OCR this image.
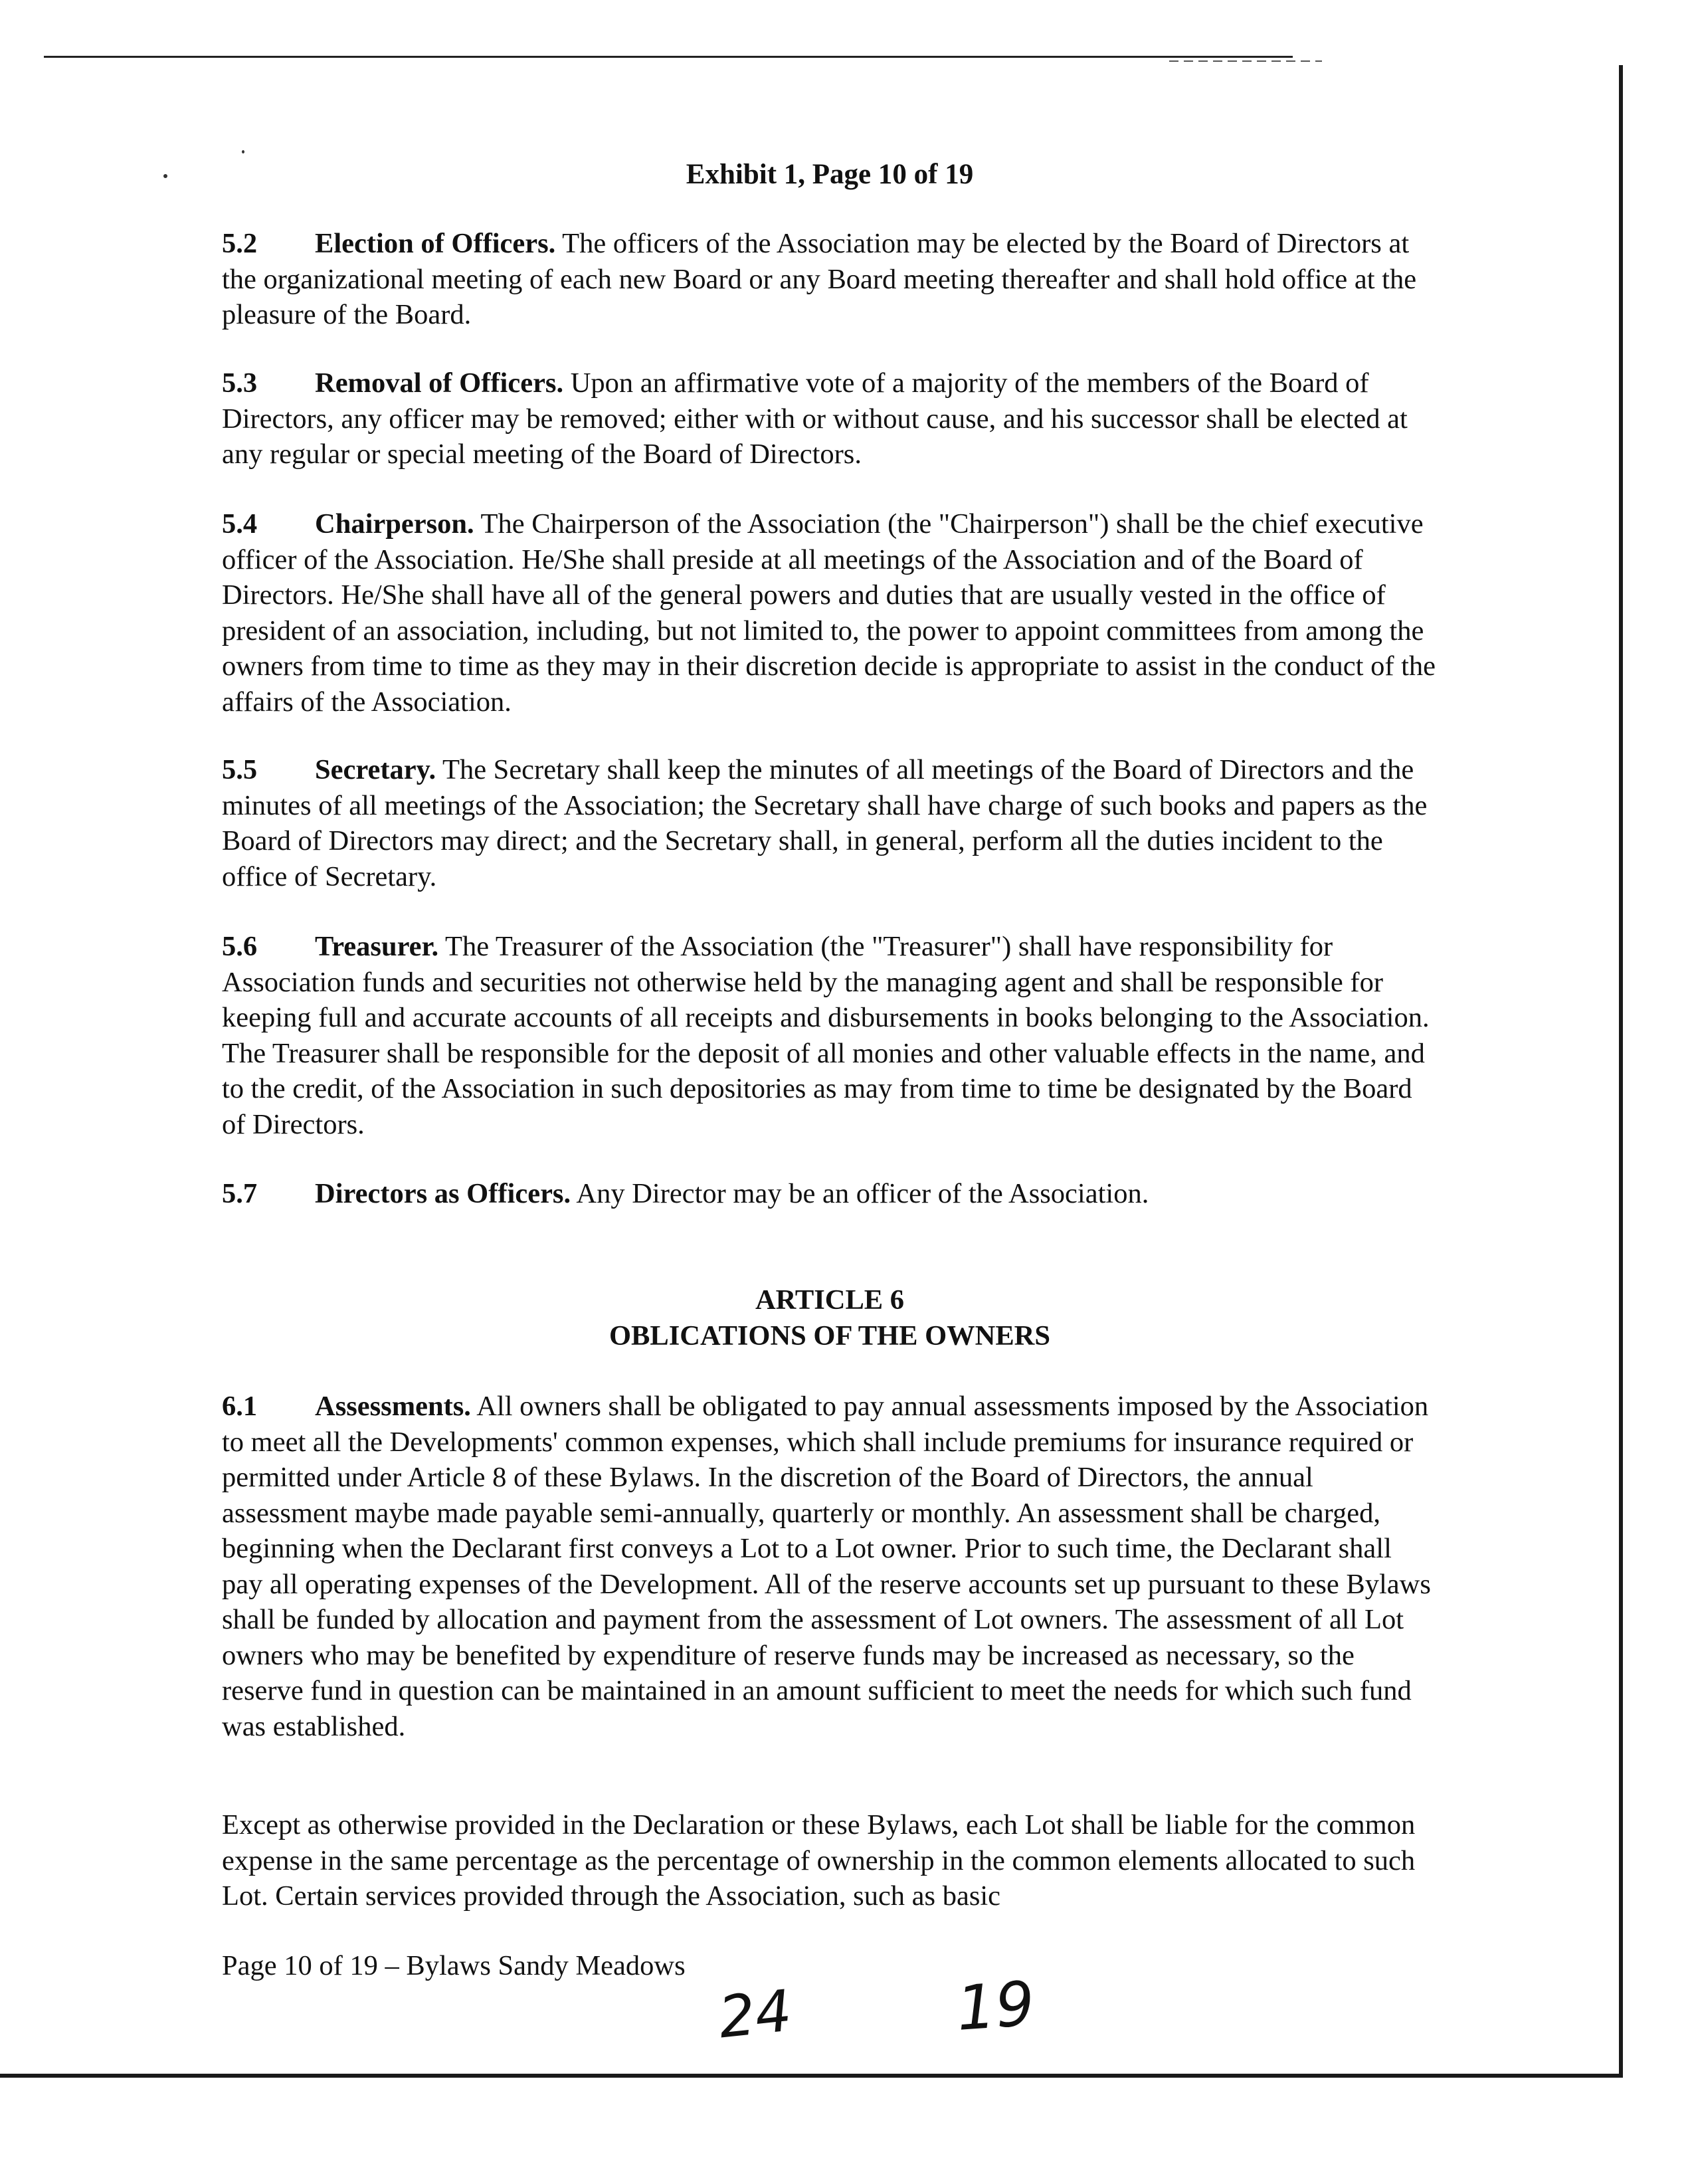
Exhibit 1, Page 10 of 19
5.2 Election of Officers. The officers of the Association may be elected by the Board of Directors at the organizational meeting of each new Board or any Board meeting thereafter and shall hold office at the pleasure of the Board.
5.3 Removal of Officers. Upon an affirmative vote of a majority of the members of the Board of Directors, any officer may be removed; either with or without cause, and his successor shall be elected at any regular or special meeting of the Board of Directors.
5.4 Chairperson. The Chairperson of the Association (the "Chairperson") shall be the chief executive officer of the Association. He/She shall preside at all meetings of the Association and of the Board of Directors. He/She shall have all of the general powers and duties that are usually vested in the office of president of an association, including, but not limited to, the power to appoint committees from among the owners from time to time as they may in their discretion decide is appropriate to assist in the conduct of the affairs of the Association.
5.5 Secretary. The Secretary shall keep the minutes of all meetings of the Board of Directors and the minutes of all meetings of the Association; the Secretary shall have charge of such books and papers as the Board of Directors may direct; and the Secretary shall, in general, perform all the duties incident to the office of Secretary.
5.6 Treasurer. The Treasurer of the Association (the "Treasurer") shall have responsibility for Association funds and securities not otherwise held by the managing agent and shall be responsible for keeping full and accurate accounts of all receipts and disbursements in books belonging to the Association. The Treasurer shall be responsible for the deposit of all monies and other valuable effects in the name, and to the credit, of the Association in such depositories as may from time to time be designated by the Board of Directors.
5.7 Directors as Officers. Any Director may be an officer of the Association.
ARTICLE 6
OBLICATIONS OF THE OWNERS
6.1 Assessments. All owners shall be obligated to pay annual assessments imposed by the Association to meet all the Developments' common expenses, which shall include premiums for insurance required or permitted under Article 8 of these Bylaws. In the discretion of the Board of Directors, the annual assessment maybe made payable semi-annually, quarterly or monthly. An assessment shall be charged, beginning when the Declarant first conveys a Lot to a Lot owner. Prior to such time, the Declarant shall pay all operating expenses of the Development. All of the reserve accounts set up pursuant to these Bylaws shall be funded by allocation and payment from the assessment of Lot owners. The assessment of all Lot owners who may be benefited by expenditure of reserve funds may be increased as necessary, so the reserve fund in question can be maintained in an amount sufficient to meet the needs for which such fund was established.
Except as otherwise provided in the Declaration or these Bylaws, each Lot shall be liable for the common expense in the same percentage as the percentage of ownership in the common elements allocated to such Lot. Certain services provided through the Association, such as basic
Page 10 of 19 – Bylaws Sandy Meadows
24	19
